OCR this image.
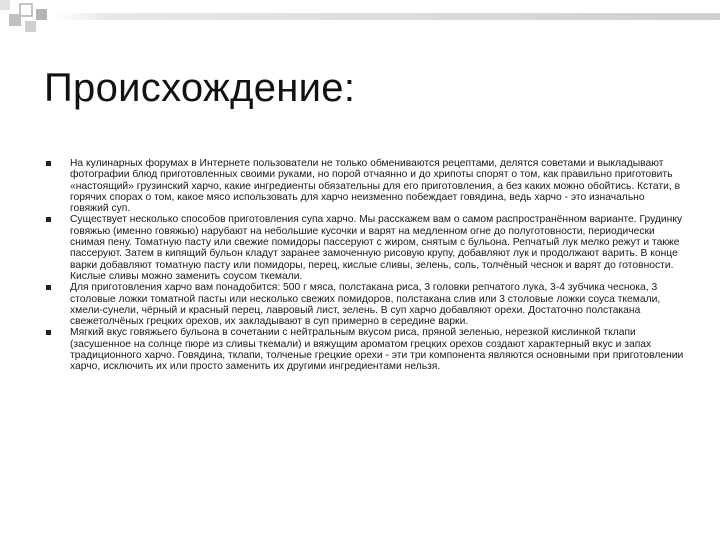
Происхождение:
На кулинарных форумах в Интернете пользователи не только обмениваются рецептами, делятся советами и выкладывают фотографии блюд приготовленных своими руками, но порой отчаянно и до хрипоты спорят о том, как правильно приготовить «настоящий» грузинский харчо, какие ингредиенты обязательны для его приготовления, а без каких можно обойтись. Кстати, в горячих спорах о том, какое мясо использовать для харчо неизменно побеждает говядина, ведь харчо - это изначально говяжий суп.
Существует несколько способов приготовления супа харчо. Мы расскажем вам о самом распространённом варианте. Грудинку говяжью (именно говяжью) нарубают на небольшие кусочки и варят на медленном огне до полуготовности, периодически снимая пену. Томатную пасту или свежие помидоры пассеруют с жиром, снятым с бульона. Репчатый лук мелко режут и также пассеруют. Затем в кипящий бульон кладут заранее замоченную рисовую крупу, добавляют лук и продолжают варить. В конце варки добавляют томатную пасту или помидоры, перец, кислые сливы, зелень, соль, толчёный чеснок и варят до готовности. Кислые сливы можно заменить соусом ткемали.
Для приготовления харчо вам понадобится: 500 г мяса, полстакана риса, 3 головки репчатого лука, 3-4 зубчика чеснока, 3 столовые ложки томатной пасты или несколько свежих помидоров, полстакана слив или 3 столовые ложки соуса ткемали, хмели-сунели, чёрный и красный перец, лавровый лист, зелень. В суп харчо добавляют орехи. Достаточно полстакана свежетолчёных грецких орехов, их закладывают в суп примерно в середине варки.
Мягкий вкус говяжьего бульона в сочетании с нейтральным вкусом риса, пряной зеленью, нерезкой кислинкой тклапи (засушенное на солнце пюре из сливы ткемали) и вяжущим ароматом грецких орехов создают характерный вкус и запах традиционного харчо. Говядина, тклапи, толченые грецкие орехи - эти три компонента являются основными при приготовлении харчо, исключить их или просто заменить их другими ингредиентами нельзя.
